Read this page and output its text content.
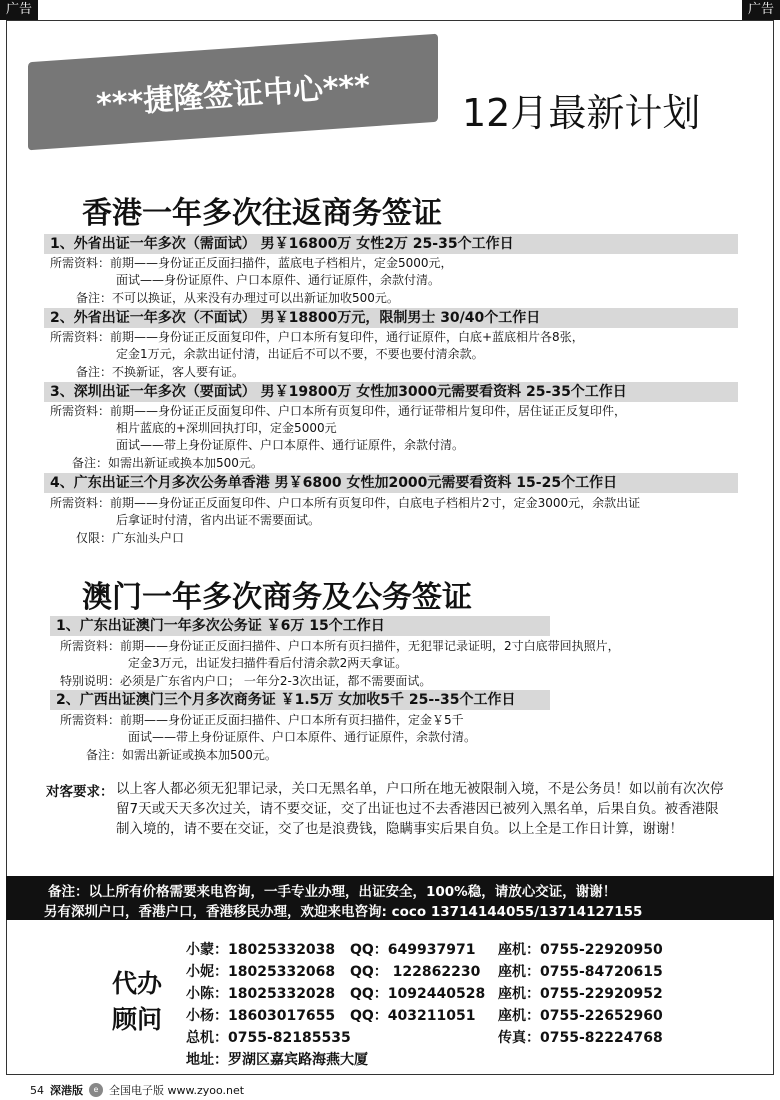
广告	广告
***捷隆签证中心***	12月最新计划
香港一年多次往返商务签证
1、外省出证一年多次（需面试） 男￥16800万 女性2万 25-35个工作日
所需资料：前期——身份证正反面扫描件，蓝底电子档相片，定金5000元，
面试——身份证原件、户口本原件、通行证原件，余款付清。
备注：不可以换证，从来没有办理过可以出新证加收500元。
2、外省出证一年多次（不面试） 男￥18800万元，限制男士 30/40个工作日
所需资料：前期——身份证正反面复印件，户口本所有复印件，通行证原件，白底+蓝底相片各8张，
定金1万元，余款出证付清，出证后不可以不要，不要也要付清余款。
备注：不换新证，客人要有证。
3、深圳出证一年多次（要面试） 男￥19800万 女性加3000元需要看资料 25-35个工作日
所需资料：前期——身份证正反面复印件、户口本所有页复印件，通行证带相片复印件，居住证正反复印件，
相片蓝底的+深圳回执打印，定金5000元
面试——带上身份证原件、户口本原件、通行证原件，余款付清。
备注：如需出新证或换本加500元。
4、广东出证三个月多次公务单香港 男￥6800 女性加2000元需要看资料 15-25个工作日
所需资料：前期——身份证正反面复印件、户口本所有页复印件，白底电子档相片2寸，定金3000元，余款出证
后拿证时付清，省内出证不需要面试。
仅限：广东汕头户口
澳门一年多次商务及公务签证
1、广东出证澳门一年多次公务证 ￥6万 15个工作日
所需资料：前期——身份证正反面扫描件、户口本所有页扫描件，无犯罪记录证明，2寸白底带回执照片，
定金3万元，出证发扫描件看后付清余款2两天拿证。
特别说明：必须是广东省内户口； 一年分2-3次出证，都不需要面试。
2、广西出证澳门三个月多次商务证 ￥1.5万 女加收5千 25--35个工作日
所需资料：前期——身份证正反面扫描件、户口本所有页扫描件，定金￥5千
面试——带上身份证原件、户口本原件、通行证原件，余款付清。
备注：如需出新证或换本加500元。
对客要求： 以上客人都必须无犯罪记录，关口无黑名单，户口所在地无被限制入境，不是公务员！如以前有次次停留7天或天天多次过关，请不要交证，交了出证也过不去香港因已被列入黑名单，后果自负。被香港限制入境的，请不要在交证，交了也是浪费钱，隐瞒事实后果自负。以上全是工作日计算，谢谢！
备注：以上所有价格需要来电咨询，一手专业办理，出证安全，100%稳，请放心交证，谢谢！
另有深圳户口，香港户口，香港移民办理，欢迎来电咨询: coco 13714144055/13714127155
代办
顾问
小蒙：18025332038 QQ：649937971 座机：0755-22920950
小妮：18025332068 QQ： 122862230 座机：0755-84720615
小陈：18025332028 QQ：1092440528 座机：0755-22920952
小杨：18603017655 QQ：403211051 座机：0755-22652960
总机：0755-82185535	传真：0755-82224768
地址：罗湖区嘉宾路海燕大厦
54 深港版	e 全国电子版 www.zyoo.net
